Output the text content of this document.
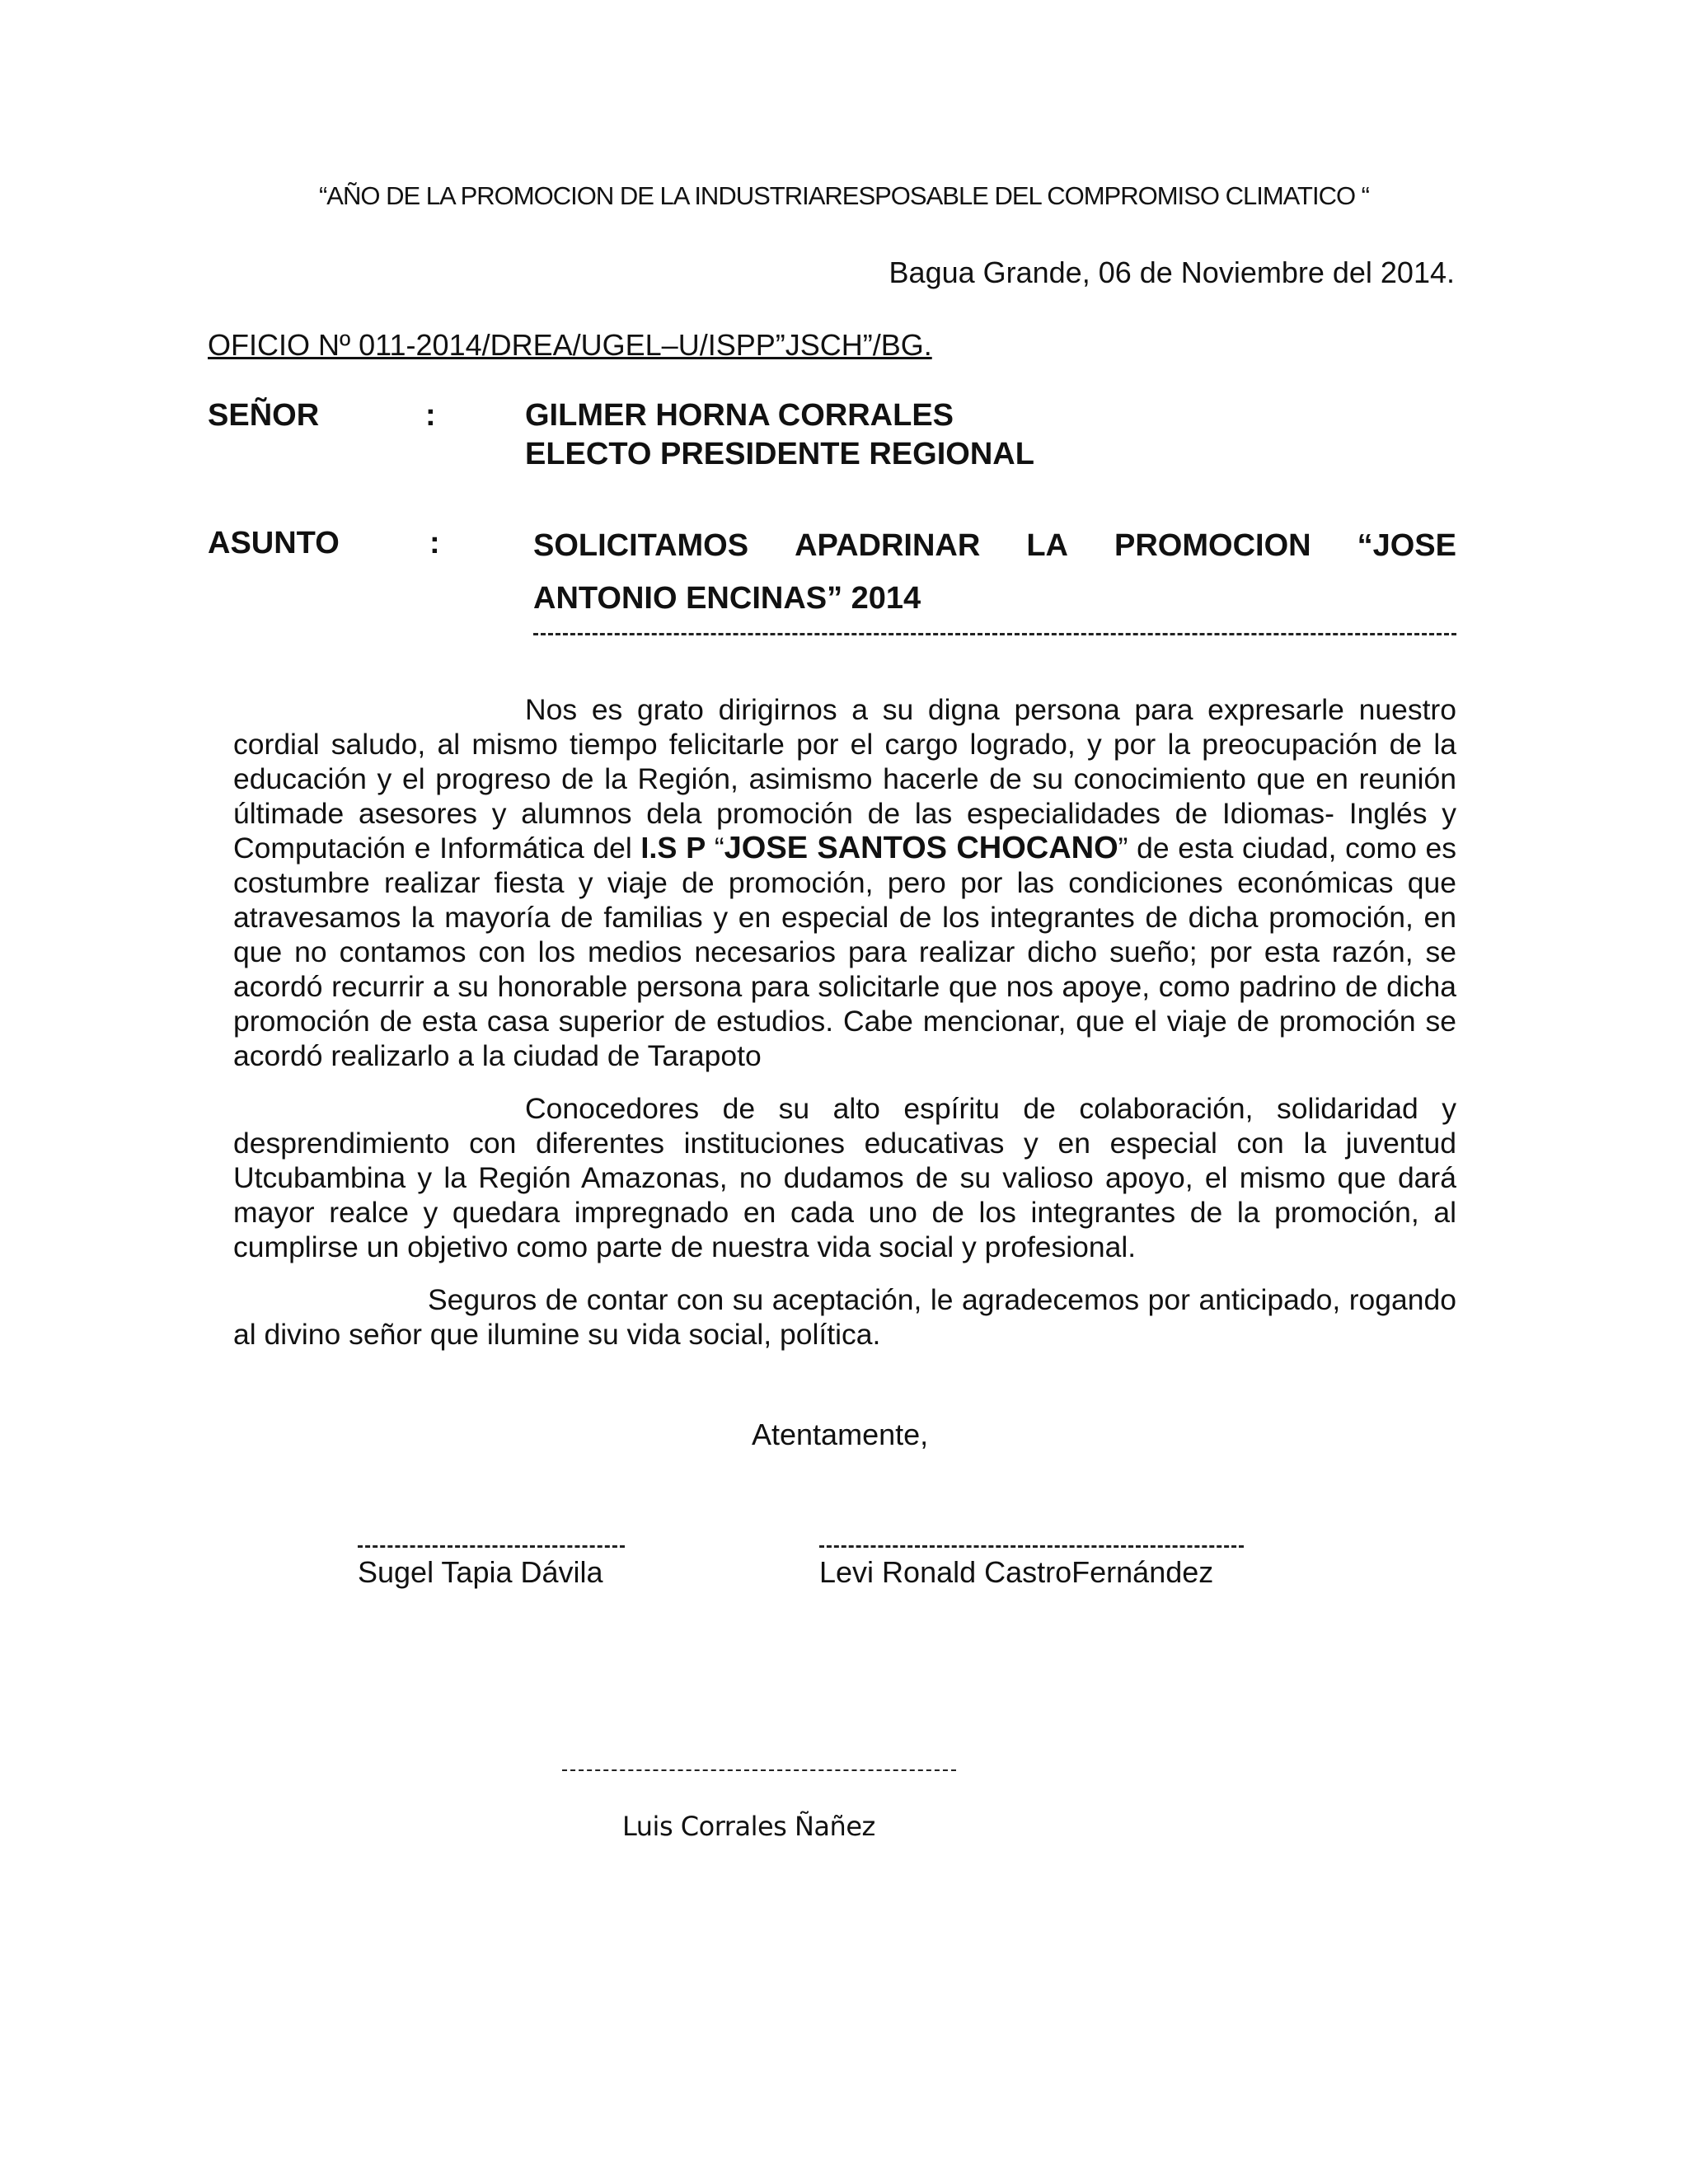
“AÑO DE LA PROMOCION DE LA INDUSTRIARESPOSABLE DEL COMPROMISO CLIMATICO “
Bagua Grande, 06 de Noviembre del 2014.
OFICIO Nº 011-2014/DREA/UGEL–U/ISPP”JSCH”/BG.
SEÑOR	:	GILMER HORNA CORRALES
ELECTO PRESIDENTE REGIONAL
ASUNTO	:	SOLICITAMOS APADRINAR LA PROMOCION “JOSE
ANTONIO ENCINAS” 2014
Nos es grato dirigirnos a su digna persona para expresarle nuestro cordial saludo, al mismo tiempo felicitarle por el cargo logrado, y por la preocupación de la educación y el progreso de la Región, asimismo hacerle de su conocimiento que en reunión últimade asesores y alumnos dela promoción de las especialidades de Idiomas- Inglés y Computación e Informática del I.S P “JOSE SANTOS CHOCANO” de esta ciudad, como es costumbre realizar fiesta y viaje de promoción, pero por las condiciones económicas que atravesamos la mayoría de familias y en especial de los integrantes de dicha promoción, en que no contamos con los medios necesarios para realizar dicho sueño; por esta razón, se acordó recurrir a su honorable persona para solicitarle que nos apoye, como padrino de dicha promoción de esta casa superior de estudios. Cabe mencionar, que el viaje de promoción se acordó realizarlo a la ciudad de Tarapoto
Conocedores de su alto espíritu de colaboración, solidaridad y desprendimiento con diferentes instituciones educativas y en especial con la juventud Utcubambina y la Región Amazonas, no dudamos de su valioso apoyo, el mismo que dará mayor realce y quedara impregnado en cada uno de los integrantes de la promoción, al cumplirse un objetivo como parte de nuestra vida social y profesional.
Seguros de contar con su aceptación, le agradecemos por anticipado, rogando al divino señor que ilumine su vida social, política.
Atentamente,
Sugel Tapia Dávila	Levi Ronald CastroFernández
Luis Corrales Ñañez
